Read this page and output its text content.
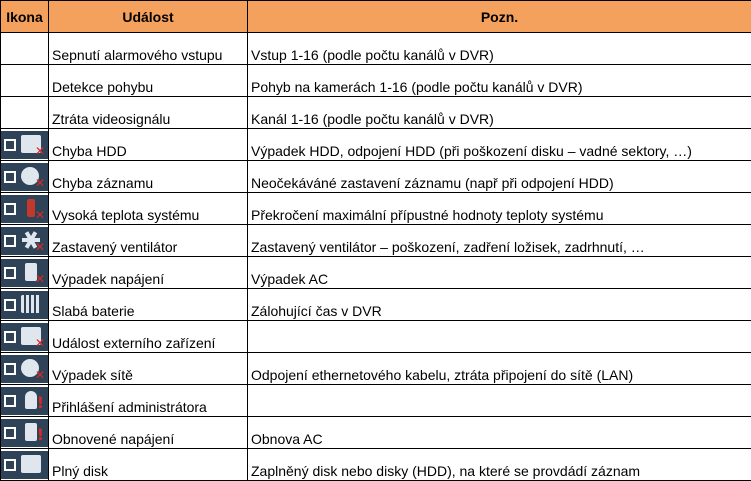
Ikona	Událost	Pozn.
	Sepnutí alarmového vstupu	Vstup 1-16 (podle počtu kanálů v DVR)
	Detekce pohybu	Pohyb na kamerách 1-16 (podle počtu kanálů v DVR)
	Ztráta videosignálu	Kanál 1-16 (podle počtu kanálů v DVR)

✕	Chyba HDD	Výpadek HDD, odpojení HDD (při poškození disku – vadné sektory, …)

✕	Chyba záznamu	Neočekáváné zastavení záznamu (např při odpojení HDD)

✕	Vysoká teplota systému	Překročení maximální přípustné hodnoty teploty systému

✕	Zastavený ventilátor	Zastavený ventilátor – poškození, zadření ložisek, zadrhnutí, …

✕	Výpadek napájení	Výpadek AC

	Slabá baterie	Zálohující čas v DVR

✕	Událost externího zařízení	

✕	Výpadek sítě	Odpojení ethernetového kabelu, ztráta připojení do sítě (LAN)

!	Přihlášení administrátora	

!	Obnovené napájení	Obnova AC

	Plný disk	Zaplněný disk nebo disky (HDD), na které se provdádí záznam
